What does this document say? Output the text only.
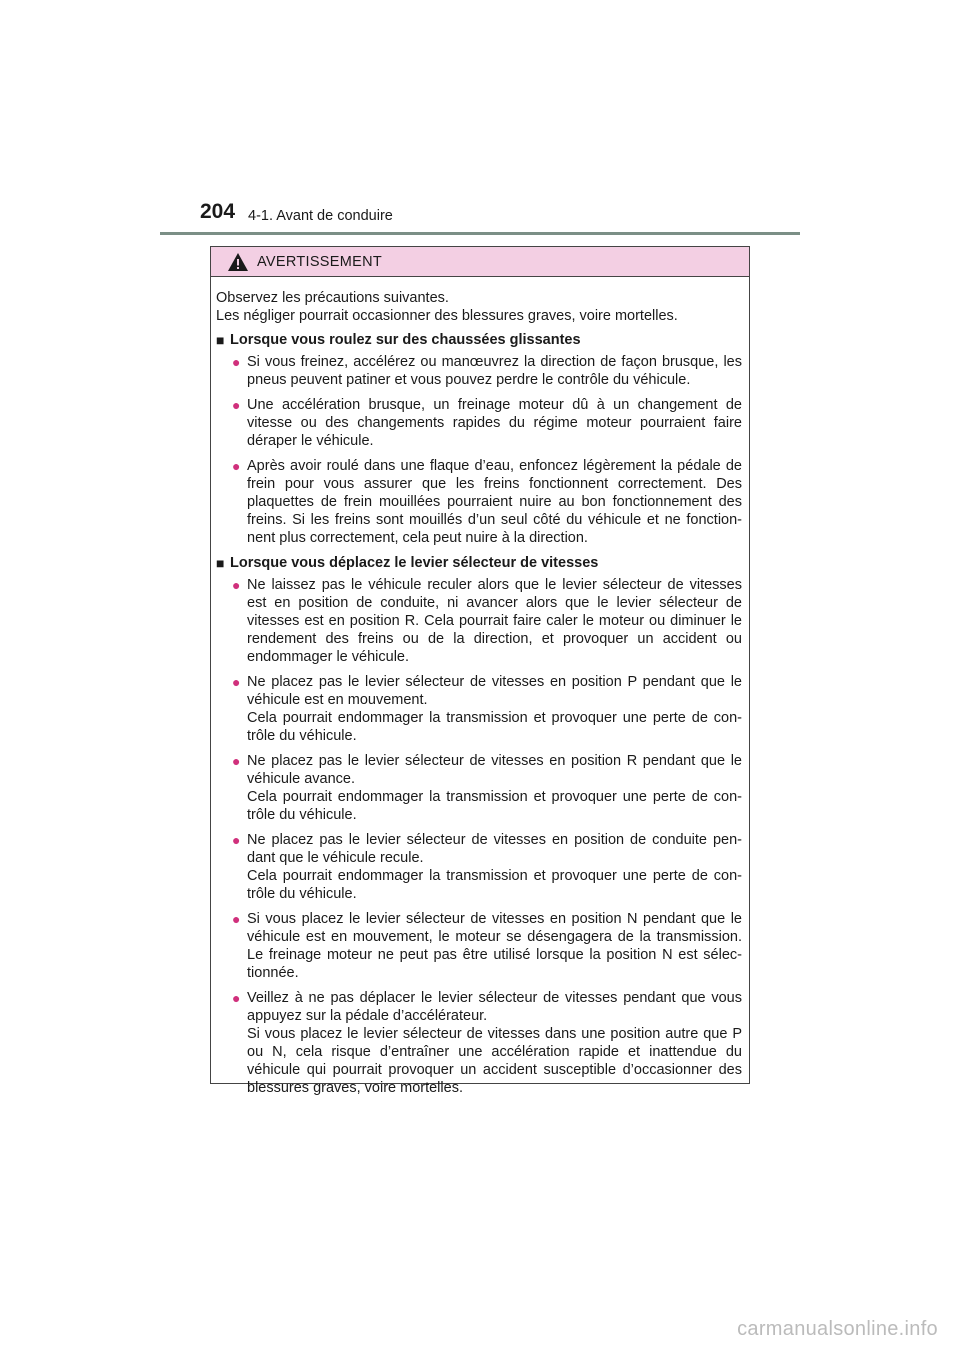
204 4-1. Avant de conduire
AVERTISSEMENT

Observez les précautions suivantes.

Les négliger pourrait occasionner des blessures graves, voire mortelles.

■ Lorsque vous roulez sur des chaussées glissantes
● Si vous freinez, accélérez ou manœuvrez la direction de façon brusque, les pneus peuvent patiner et vous pouvez perdre le contrôle du véhicule.
● Une accélération brusque, un freinage moteur dû à un changement de vitesse ou des changements rapides du régime moteur pourraient faire déraper le véhicule.
● Après avoir roulé dans une flaque d’eau, enfoncez légèrement la pédale de frein pour vous assurer que les freins fonctionnent correctement. Des plaquettes de frein mouillées pourraient nuire au bon fonctionnement des freins. Si les freins sont mouillés d’un seul côté du véhicule et ne fonction-nent plus correctement, cela peut nuire à la direction.
■ Lorsque vous déplacez le levier sélecteur de vitesses
● Ne laissez pas le véhicule reculer alors que le levier sélecteur de vitesses est en position de conduite, ni avancer alors que le levier sélecteur de vitesses est en position R. Cela pourrait faire caler le moteur ou diminuer le rendement des freins ou de la direction, et provoquer un accident ou endommager le véhicule.
● Ne placez pas le levier sélecteur de vitesses en position P pendant que le véhicule est en mouvement.
Cela pourrait endommager la transmission et provoquer une perte de con-trôle du véhicule.
● Ne placez pas le levier sélecteur de vitesses en position R pendant que le véhicule avance.
Cela pourrait endommager la transmission et provoquer une perte de con-trôle du véhicule.
● Ne placez pas le levier sélecteur de vitesses en position de conduite pen-dant que le véhicule recule.
Cela pourrait endommager la transmission et provoquer une perte de con-trôle du véhicule.
● Si vous placez le levier sélecteur de vitesses en position N pendant que le véhicule est en mouvement, le moteur se désengagera de la transmission. Le freinage moteur ne peut pas être utilisé lorsque la position N est sélec-tionnée.
● Veillez à ne pas déplacer le levier sélecteur de vitesses pendant que vous appuyez sur la pédale d’accélérateur.
Si vous placez le levier sélecteur de vitesses dans une position autre que P ou N, cela risque d’entraîner une accélération rapide et inattendue du véhicule qui pourrait provoquer un accident susceptible d’occasionner des blessures graves, voire mortelles.
carmanualsonline.info
